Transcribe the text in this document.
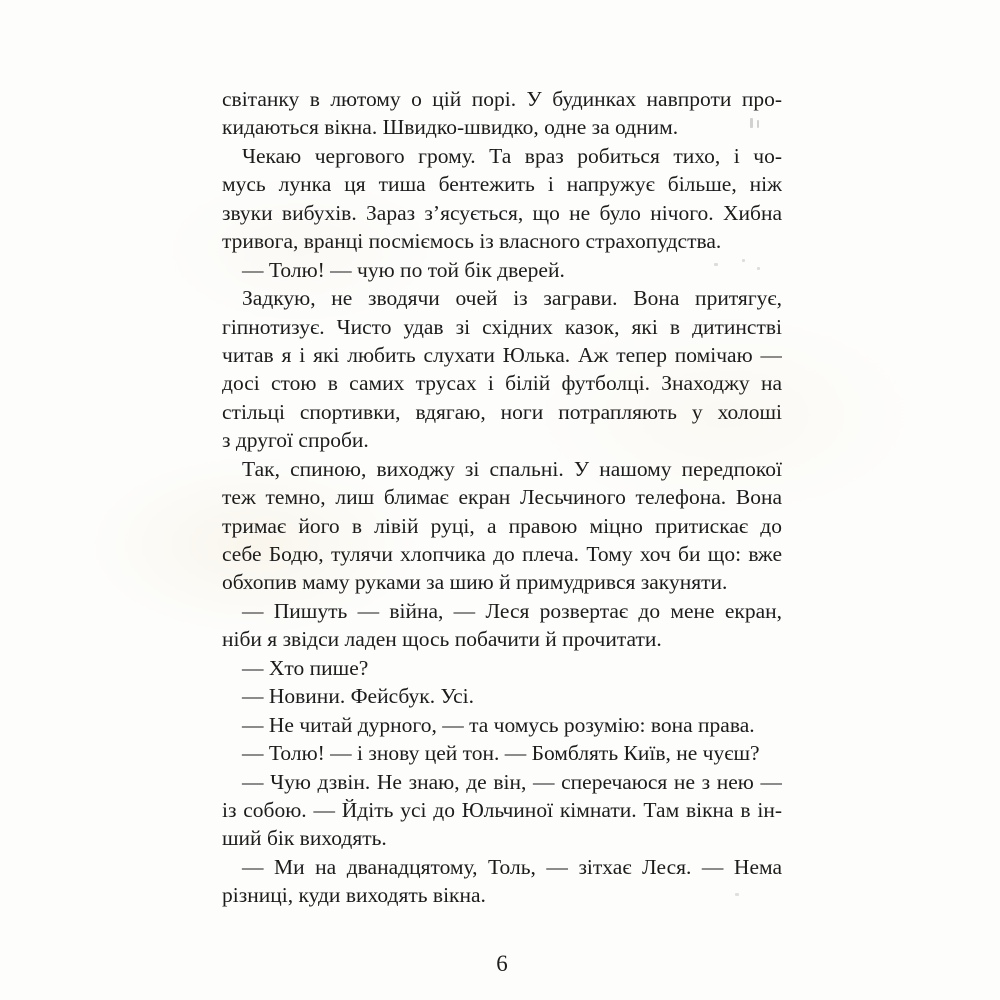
світанку в лютому о цій порі. У будинках навпроти про-
кидаються вікна. Швидко-швидко, одне за одним.
Чекаю чергового грому. Та враз робиться тихо, і чо-
мусь лунка ця тиша бентежить і напружує більше, ніж
звуки вибухів. Зараз з’ясується, що не було нічого. Хибна
тривога, вранці посміємось із власного страхопудства.
— Толю! — чую по той бік дверей.
Задкую, не зводячи очей із заграви. Вона притягує,
гіпнотизує. Чисто удав зі східних казок, які в дитинстві
читав я і які любить слухати Юлька. Аж тепер помічаю —
досі стою в самих трусах і білій футболці. Знаходжу на
стільці спортивки, вдягаю, ноги потрапляють у холоші
з другої спроби.
Так, спиною, виходжу зі спальні. У нашому передпокої
теж темно, лиш блимає екран Лесьчиного телефона. Вона
тримає його в лівій руці, а правою міцно притискає до
себе Бодю, тулячи хлопчика до плеча. Тому хоч би що: вже
обхопив маму руками за шию й примудрився закуняти.
— Пишуть — війна, — Леся розвертає до мене екран,
ніби я звідси ладен щось побачити й прочитати.
— Хто пише?
— Новини. Фейсбук. Усі.
— Не читай дурного, — та чомусь розумію: вона права.
— Толю! — і знову цей тон. — Бомблять Київ, не чуєш?
— Чую дзвін. Не знаю, де він, — сперечаюся не з нею —
із собою. — Йдіть усі до Юльчиної кімнати. Там вікна в ін-
ший бік виходять.
— Ми на дванадцятому, Толь, — зітхає Леся. — Нема
різниці, куди виходять вікна.
6
